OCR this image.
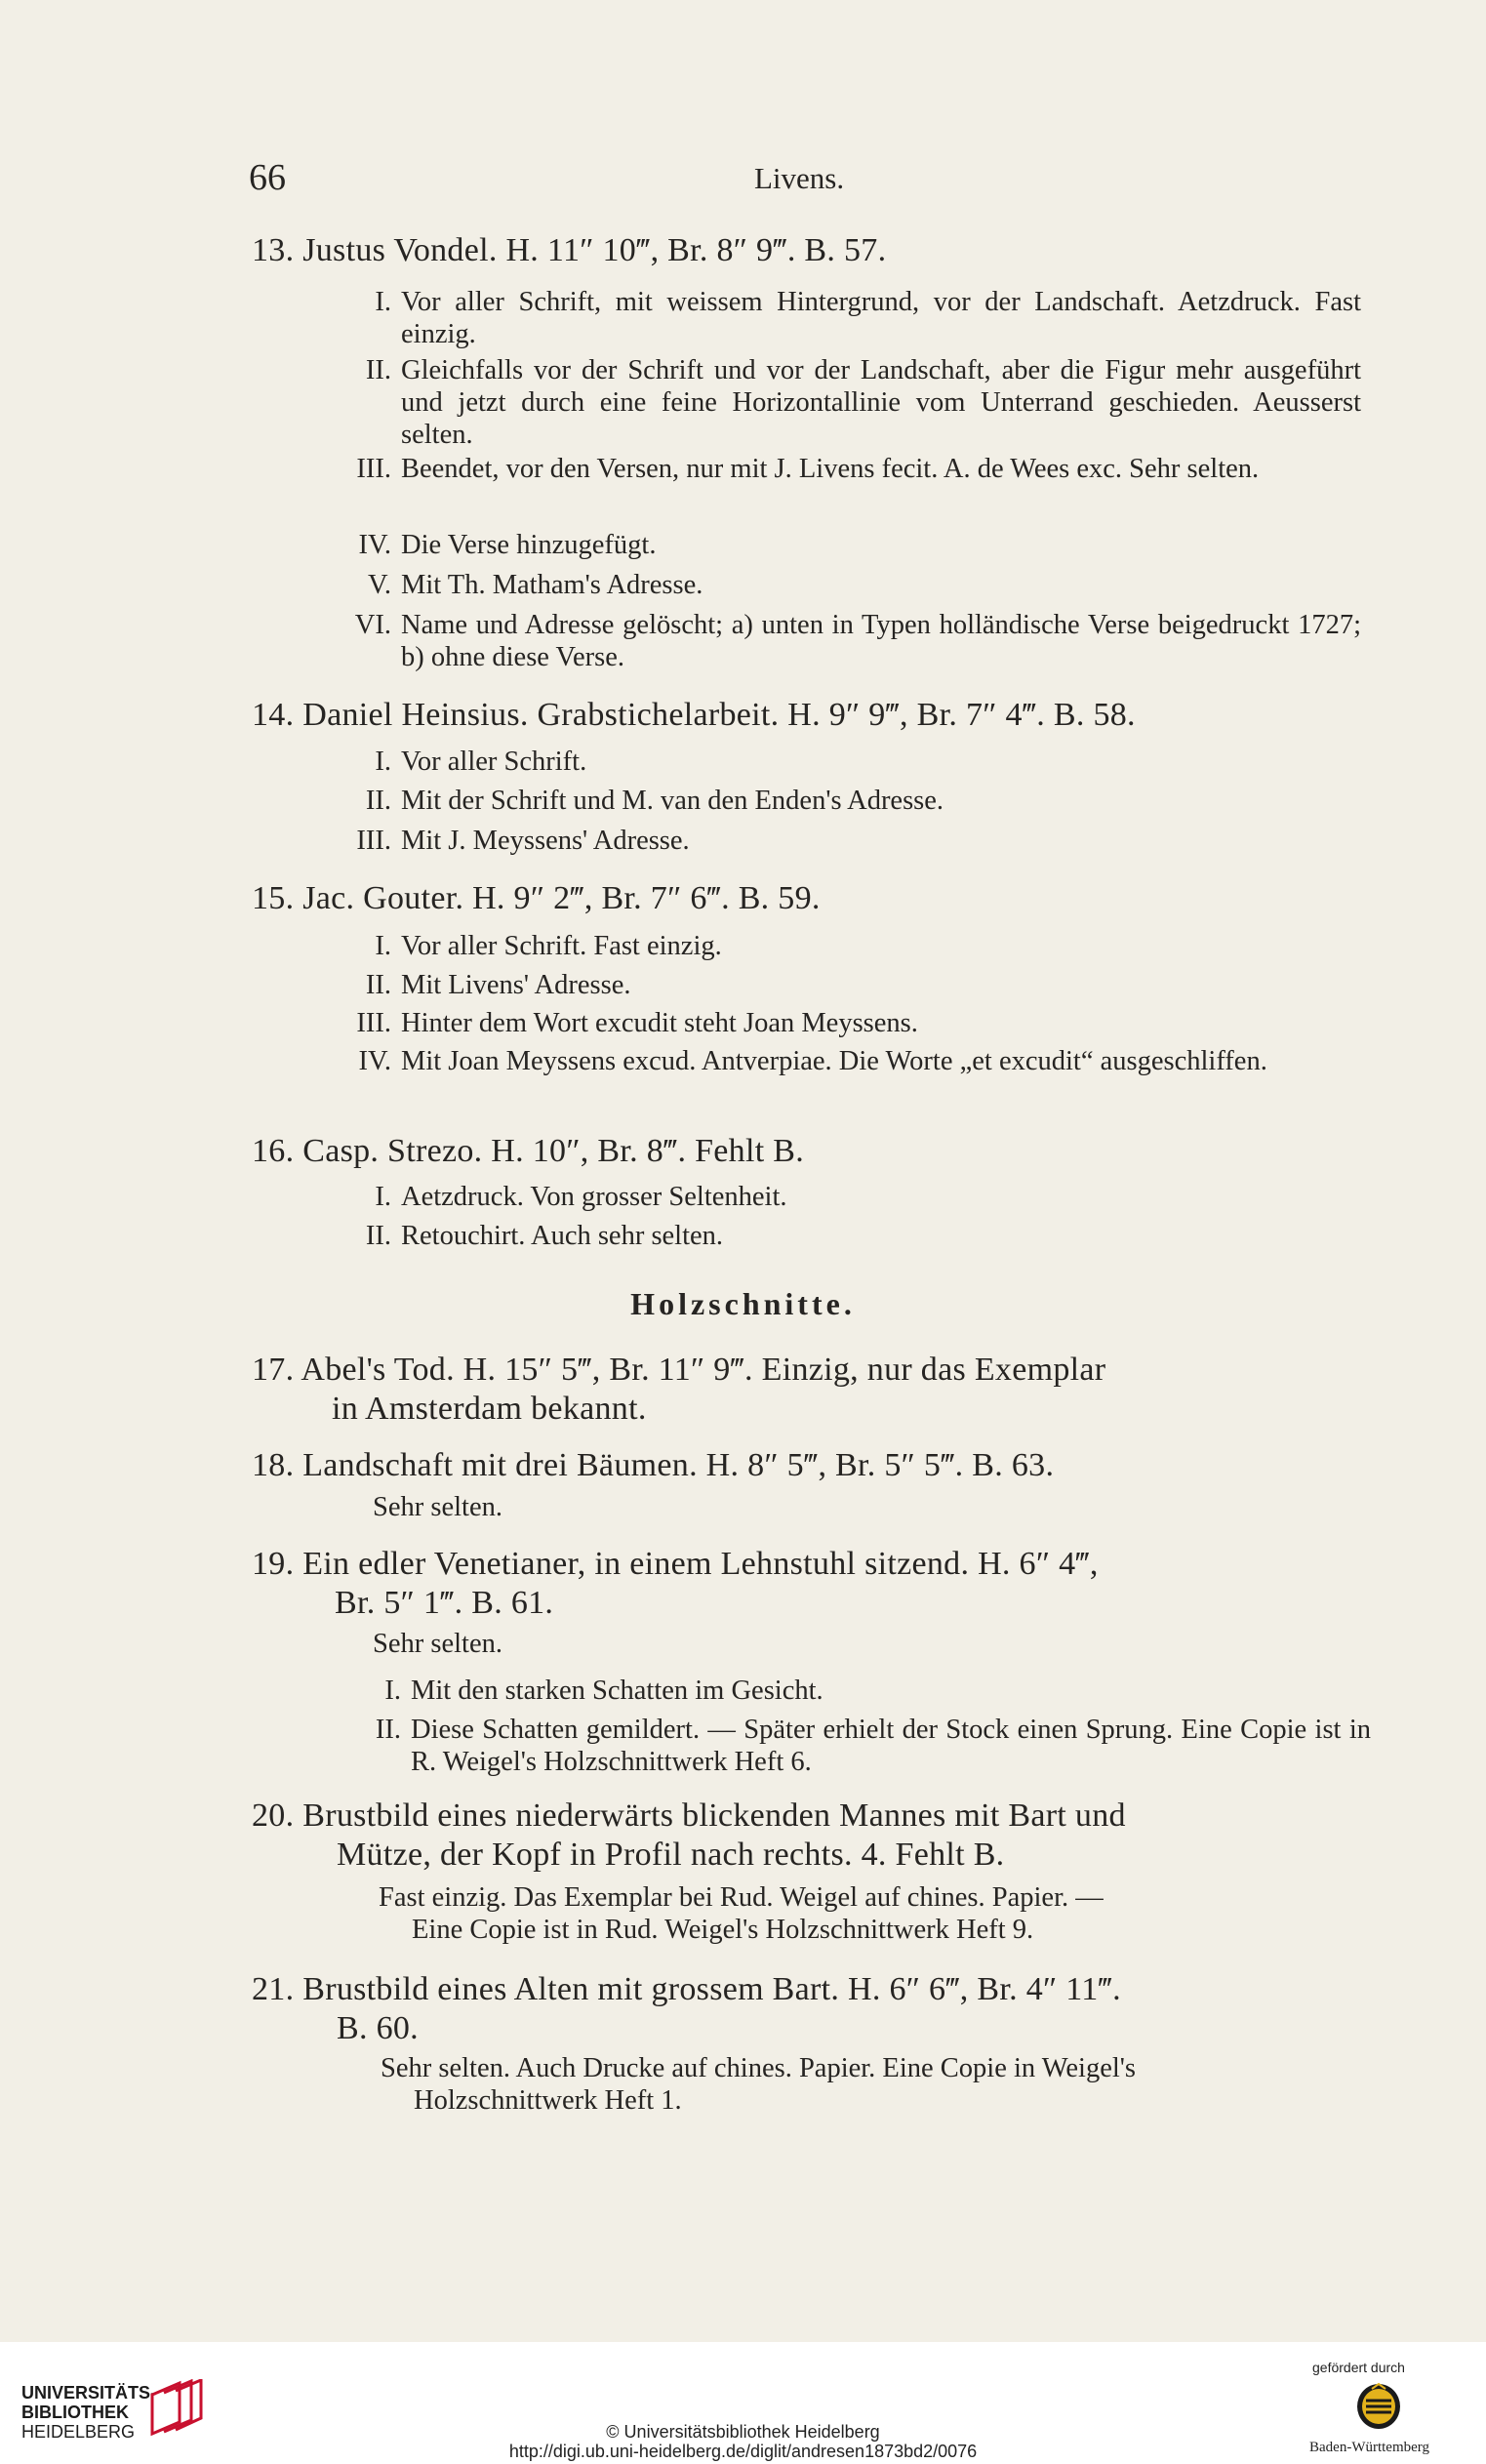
66	Livens.
13. Justus Vondel. H. 11″ 10‴, Br. 8″ 9‴. B. 57.
I. Vor aller Schrift, mit weissem Hintergrund, vor der Landschaft. Aetzdruck. Fast einzig.
II. Gleichfalls vor der Schrift und vor der Landschaft, aber die Figur mehr ausgeführt und jetzt durch eine feine Horizontallinie vom Unterrand geschieden. Aeusserst selten.
III. Beendet, vor den Versen, nur mit J. Livens fecit. A. de Wees exc. Sehr selten.
IV. Die Verse hinzugefügt.
V. Mit Th. Matham's Adresse.
VI. Name und Adresse gelöscht; a) unten in Typen holländische Verse beigedruckt 1727; b) ohne diese Verse.
14. Daniel Heinsius. Grabstichelarbeit. H. 9″ 9‴, Br. 7″ 4‴. B. 58.
I. Vor aller Schrift.
II. Mit der Schrift und M. van den Enden's Adresse.
III. Mit J. Meyssens' Adresse.
15. Jac. Gouter. H. 9″ 2‴, Br. 7″ 6‴. B. 59.
I. Vor aller Schrift. Fast einzig.
II. Mit Livens' Adresse.
III. Hinter dem Wort excudit steht Joan Meyssens.
IV. Mit Joan Meyssens excud. Antverpiae. Die Worte „et excudit“ ausgeschliffen.
16. Casp. Strezo. H. 10″, Br. 8‴. Fehlt B.
I. Aetzdruck. Von grosser Seltenheit.
II. Retouchirt. Auch sehr selten.
Holzschnitte.
17. Abel's Tod. H. 15″ 5‴, Br. 11″ 9‴. Einzig, nur das Exemplar
in Amsterdam bekannt.
18. Landschaft mit drei Bäumen. H. 8″ 5‴, Br. 5″ 5‴. B. 63.
Sehr selten.
19. Ein edler Venetianer, in einem Lehnstuhl sitzend. H. 6″ 4‴,
Br. 5″ 1‴. B. 61.
Sehr selten.
I. Mit den starken Schatten im Gesicht.
II. Diese Schatten gemildert. — Später erhielt der Stock einen Sprung. Eine Copie ist in R. Weigel's Holzschnittwerk Heft 6.
20. Brustbild eines niederwärts blickenden Mannes mit Bart und
Mütze, der Kopf in Profil nach rechts. 4. Fehlt B.
Fast einzig. Das Exemplar bei Rud. Weigel auf chines. Papier. —
Eine Copie ist in Rud. Weigel's Holzschnittwerk Heft 9.
21. Brustbild eines Alten mit grossem Bart. H. 6″ 6‴, Br. 4″ 11‴.
B. 60.
Sehr selten. Auch Drucke auf chines. Papier. Eine Copie in Weigel's
Holzschnittwerk Heft 1.
UNIVERSITÄTS-
BIBLIOTHEK
HEIDELBERG	© Universitätsbibliothek Heidelberg
http://digi.ub.uni-heidelberg.de/diglit/andresen1873bd2/0076
gefördert durch
Baden-Württemberg
